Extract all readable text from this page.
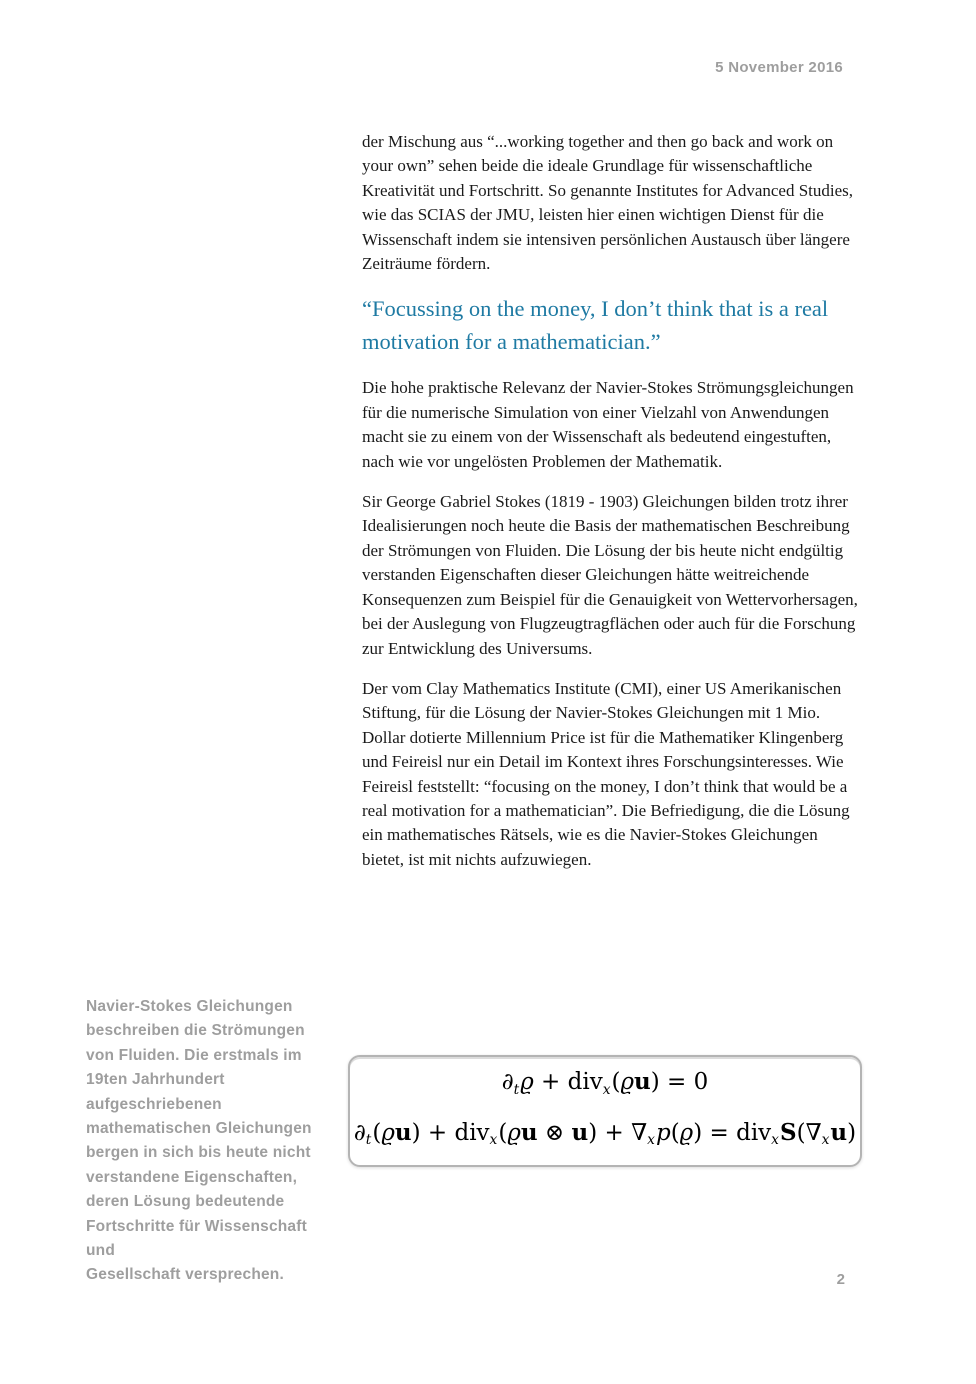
5 November 2016

der Mischung aus “...working together and then go back and work on your own” sehen beide die ideale Grundlage für wissenschaftliche Kreativität und Fortschritt. So genannte Institutes for Advanced Studies, wie das SCIAS der JMU, leisten hier einen wichtigen Dienst für die Wissenschaft indem sie intensiven persönlichen Austausch über längere Zeiträume fördern.

“Focussing on the money, I don’t think that is a real motivation for a mathematician.”

Die hohe praktische Relevanz der Navier-Stokes Strömungsgleichungen für die numerische Simulation von einer Vielzahl von Anwendungen macht sie zu einem von der Wissenschaft als bedeutend eingestuften, nach wie vor ungelösten Problemen der Mathematik.

Sir George Gabriel Stokes (1819 - 1903) Gleichungen bilden trotz ihrer Idealisierungen noch heute die Basis der mathematischen Beschreibung der Strömungen von Fluiden. Die Lösung der bis heute nicht endgültig verstanden Eigenschaften dieser Gleichungen hätte weitreichende Konsequenzen zum Beispiel für die Genauigkeit von Wettervorhersagen, bei der Auslegung von Flugzeugtragflächen oder auch für die Forschung zur Entwicklung des Universums.

Der vom Clay Mathematics Institute (CMI), einer US Amerikanischen Stiftung, für die Lösung der Navier-Stokes Gleichungen mit 1 Mio. Dollar dotierte Millennium Price ist für die Mathematiker Klingenberg und Feireisl nur ein Detail im Kontext ihres Forschungsinteresses. Wie Feireisl feststellt: “focusing on the money, I don’t think that would be a real motivation for a mathematician”. Die Befriedigung, die die Lösung ein mathematisches Rätsels, wie es die Navier-Stokes Gleichungen bietet, ist mit nichts aufzuwiegen.

Navier-Stokes Gleichungen
beschreiben die Strömungen
von Fluiden. Die erstmals im
19ten Jahrhundert
aufgeschriebenen
mathematischen Gleichungen
bergen in sich bis heute nicht
verstandene Eigenschaften,
deren Lösung bedeutende
Fortschritte für Wissenschaft und
Gesellschaft versprechen.
∂tϱ + divx(ϱu) = 0
∂t(ϱu) + divx(ϱu ⊗ u) + ∇xp(ϱ) = divxS(∇xu)
2
